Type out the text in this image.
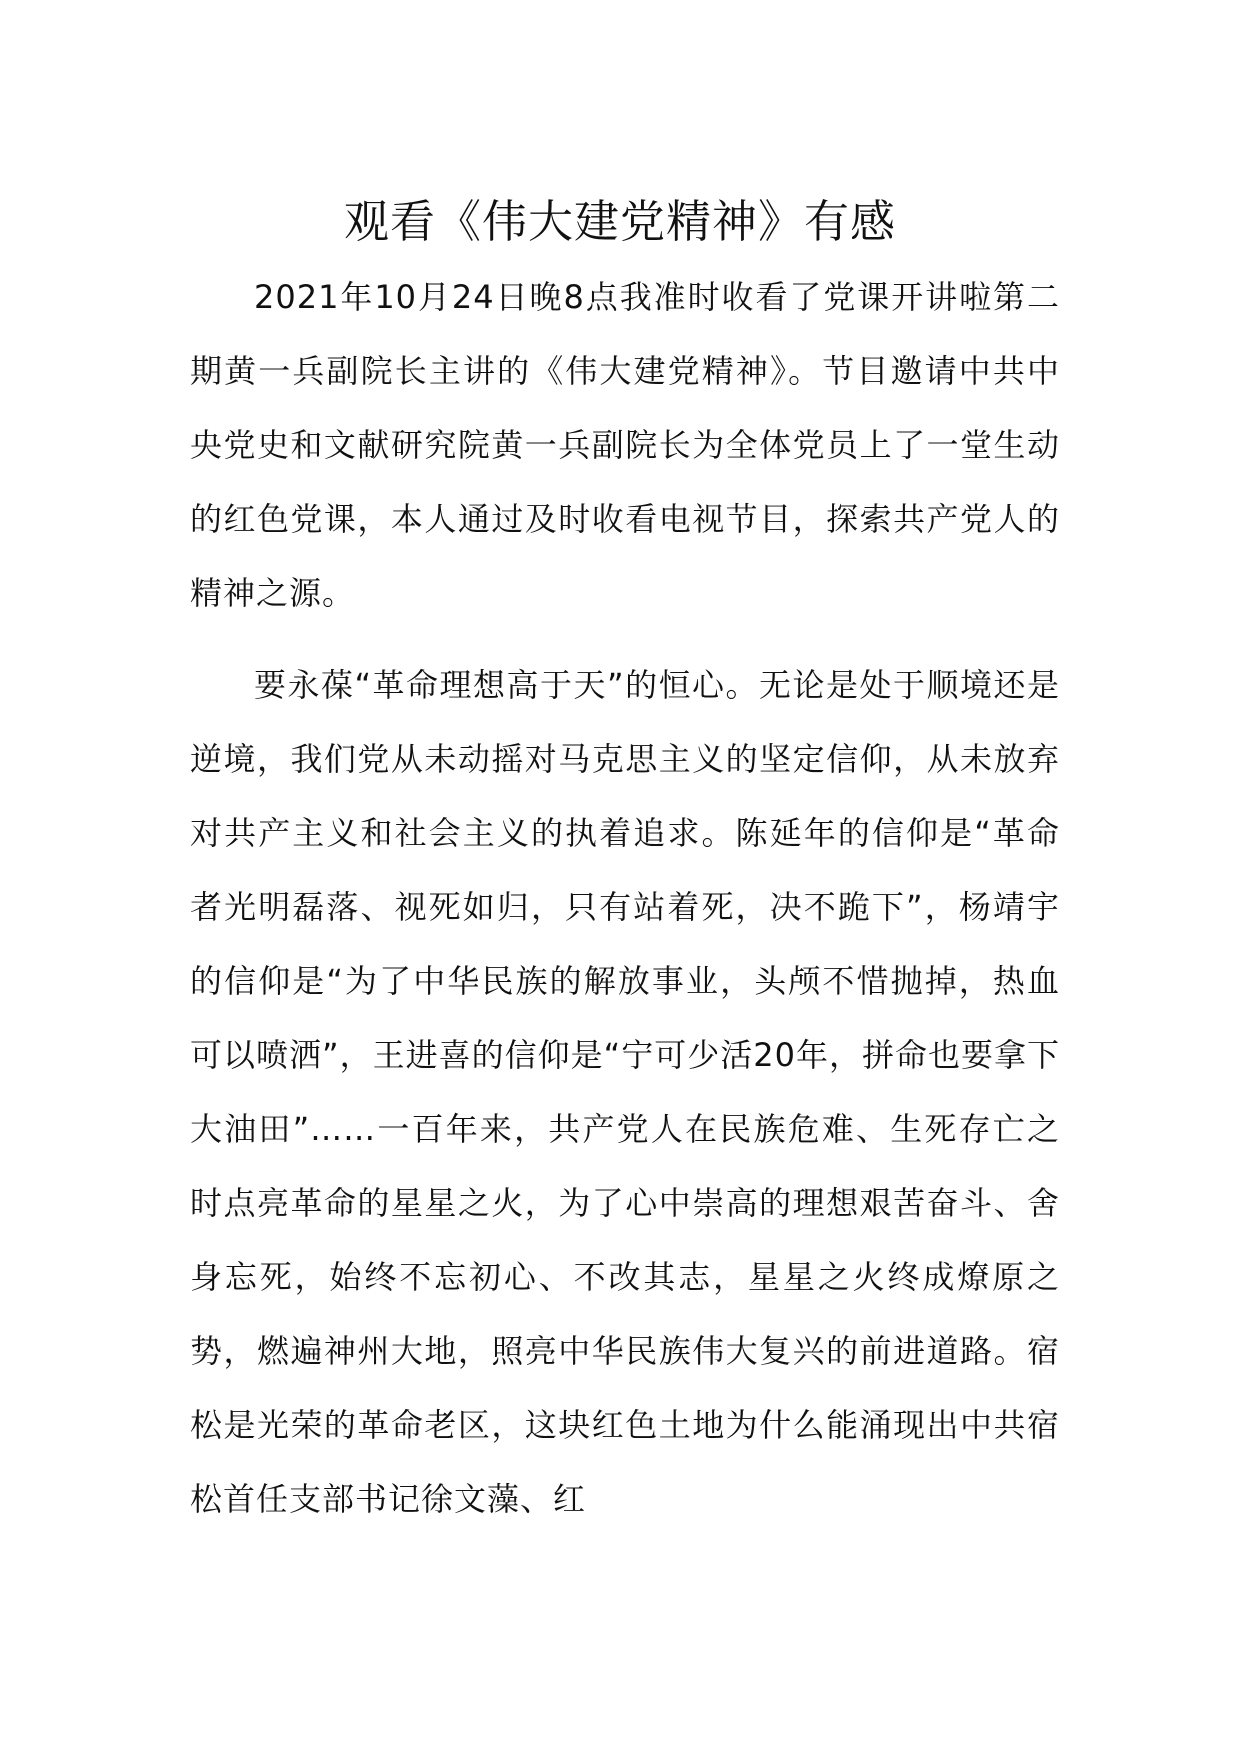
观看《伟大建党精神》有感

2021年10月24日晚8点我准时收看了党课开讲啦第二期黄一兵副院长主讲的《伟大建党精神》。节目邀请中共中央党史和文献研究院黄一兵副院长为全体党员上了一堂生动的红色党课，本人通过及时收看电视节目，探索共产党人的精神之源。

要永葆“革命理想高于天”的恒心。无论是处于顺境还是逆境，我们党从未动摇对马克思主义的坚定信仰，从未放弃对共产主义和社会主义的执着追求。陈延年的信仰是“革命者光明磊落、视死如归，只有站着死，决不跪下”，杨靖宇的信仰是“为了中华民族的解放事业，头颅不惜抛掉，热血可以喷洒”，王进喜的信仰是“宁可少活20年，拼命也要拿下大油田”……一百年来，共产党人在民族危难、生死存亡之时点亮革命的星星之火，为了心中崇高的理想艰苦奋斗、舍身忘死，始终不忘初心、不改其志，星星之火终成燎原之势，燃遍神州大地，照亮中华民族伟大复兴的前进道路。宿松是光荣的革命老区，这块红色土地为什么能涌现出中共宿松首任支部书记徐文藻、红
